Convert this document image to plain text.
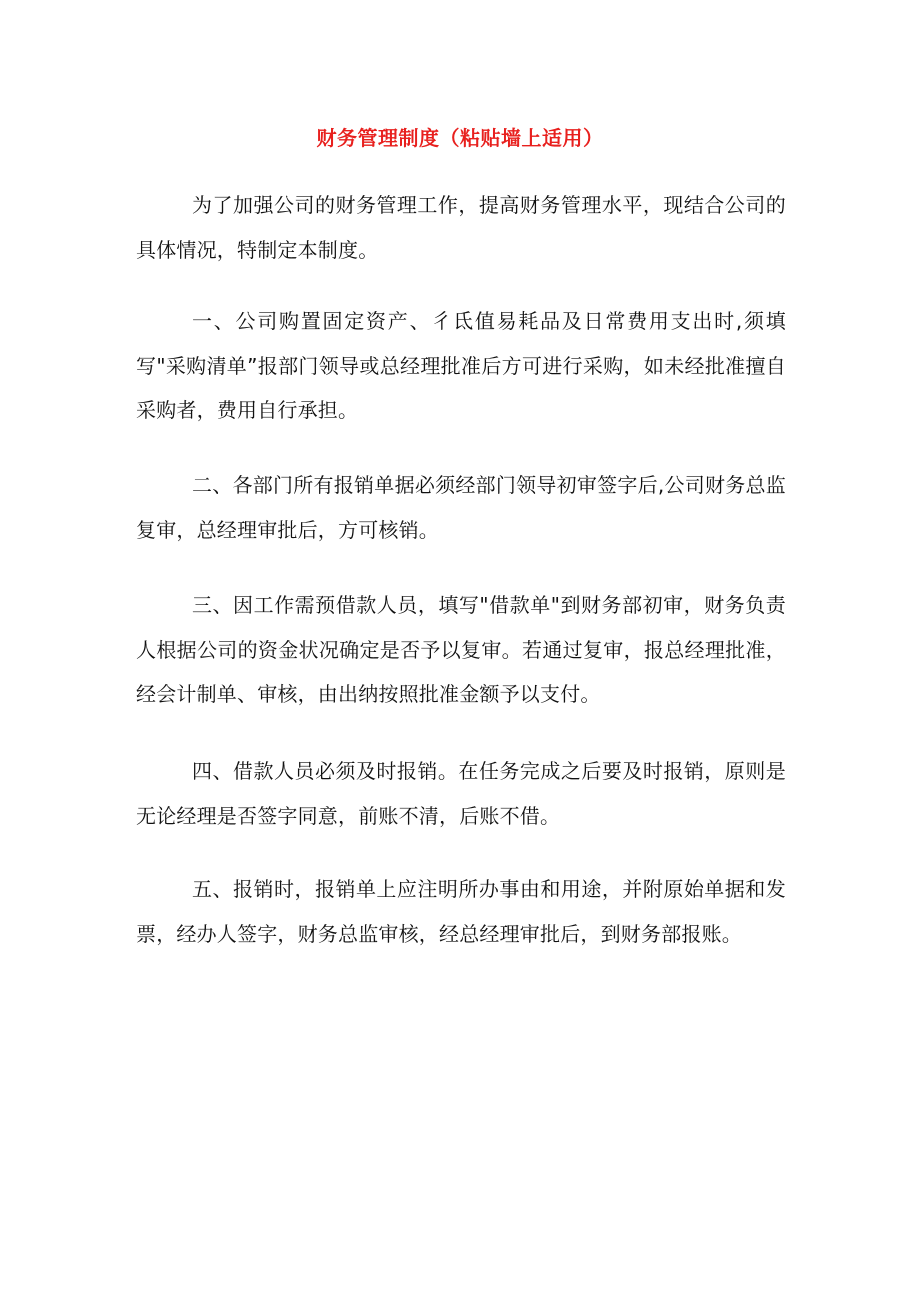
财务管理制度（粘贴墙上适用）

为了加强公司的财务管理工作，提高财务管理水平，现结合公司的具体情况，特制定本制度。

一、公司购置固定资产、彳氐值易耗品及日常费用支出时,须填写"采购清单”报部门领导或总经理批准后方可进行采购，如未经批准擅自采购者，费用自行承担。

二、各部门所有报销单据必须经部门领导初审签字后,公司财务总监复审，总经理审批后，方可核销。

三、因工作需预借款人员，填写"借款单"到财务部初审，财务负责人根据公司的资金状况确定是否予以复审。若通过复审，报总经理批准，经会计制单、审核，由出纳按照批准金额予以支付。

四、借款人员必须及时报销。在任务完成之后要及时报销，原则是无论经理是否签字同意，前账不清，后账不借。

五、报销时，报销单上应注明所办事由和用途，并附原始单据和发票，经办人签字，财务总监审核，经总经理审批后，到财务部报账。
